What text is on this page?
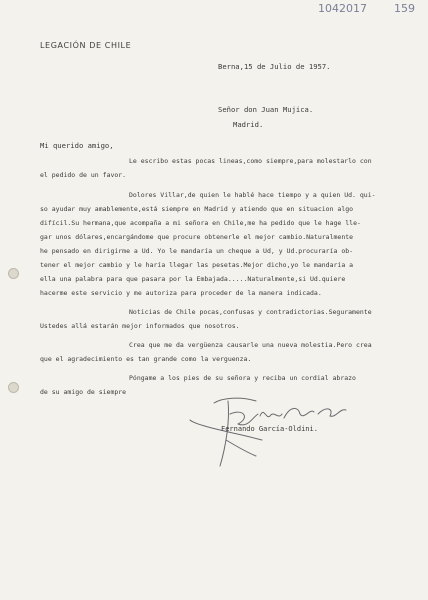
1042017 159
LEGACIÓN DE CHILE
Berna,15 de Julio de 1957.
Señor don Juan Mujica.
Madrid.
Mi querido amigo,
Le escribo estas pocas lineas,como siempre,para molestarlo con
el pedido de un favor.
Dolores Villar,de quien le hablé hace tiempo y a quien Ud. qui-
so ayudar muy amablemente,está siempre en Madrid y atiendo que en situacion algo
difícil.Su hermana,que acompaña a mi señora en Chile,me ha pedido que le hage lle-
gar unos dólares,encargándome que procure obtenerle el mejor cambio.Naturalmente
he pensado en dirigirme a Ud. Yo le mandaría un cheque a Ud, y Ud.procuraría ob-
tener el mejor cambio y le haría llegar las pesetas.Mejor dicho,yo le mandaría a
ella una palabra para que pasara por la Embajada.....Naturalmente,si Ud.quiere
hacerme este servicio y me autoriza para proceder de la manera indicada.
Noticias de Chile pocas,confusas y contradictorias.Seguramente
Ustedes allá estarán mejor informados que nosotros.
Crea que me da vergüenza causarle una nueva molestia.Pero crea
que el agradecimiento es tan grande como la verguenza.
Póngame a los pies de su señora y reciba un cordial abrazo
de su amigo de siempre
Fernando García-Oldini.
